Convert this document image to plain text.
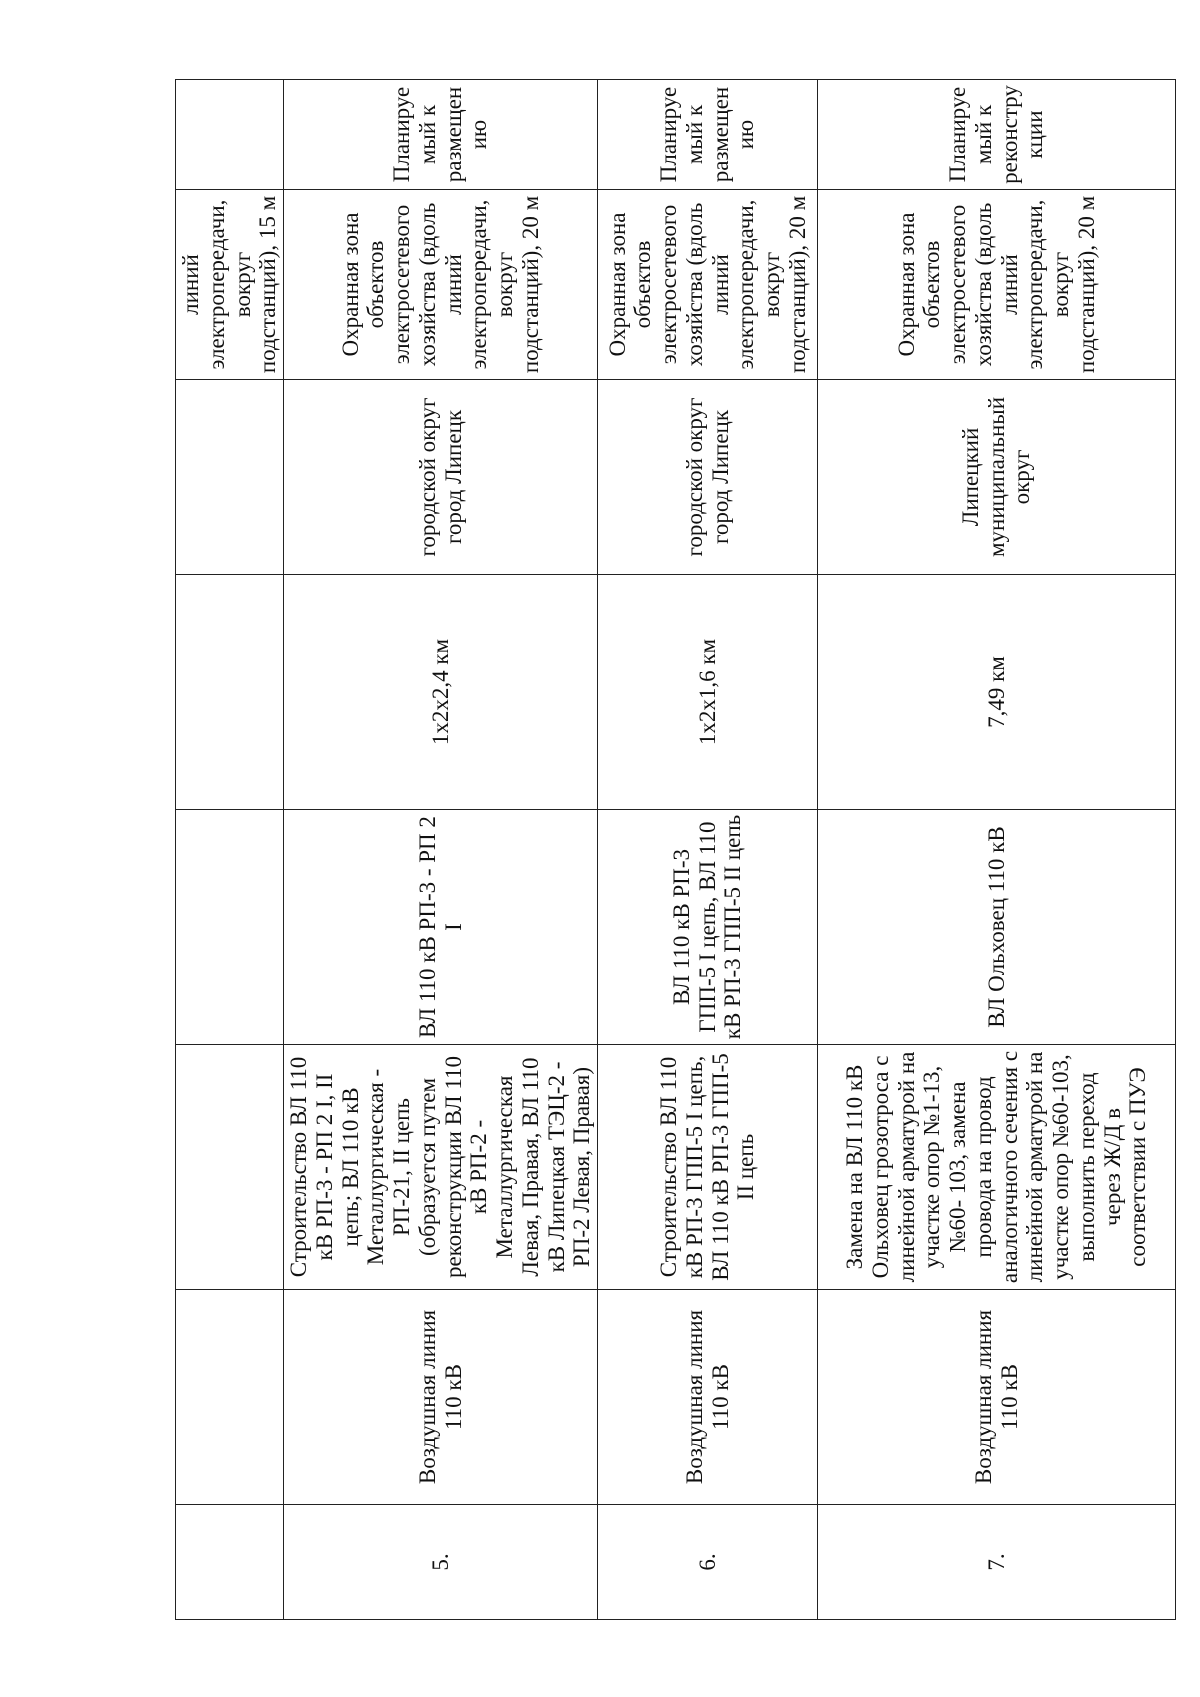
						линий электропередачи, вокруг подстанций), 15 м	

5.	Воздушная линия 110 кВ	Строительство ВЛ 110 кВ РП-3 - РП 2 I, II цепь; ВЛ 110 кВ Металлургическая - РП-21, II цепь (образуется путем реконструкции ВЛ 110 кВ РП-2 - Металлургическая Левая, Правая, ВЛ 110 кВ Липецкая ТЭЦ-2 - РП-2 Левая, Правая)	ВЛ 110 кВ РП-3 - РП 2 I	1х2х2,4 км	городской округ город Липецк	Охранная зона объектов электросетевого хозяйства (вдоль линий электропередачи, вокруг подстанций), 20 м	Планируемый к размещению

6.	Воздушная линия 110 кВ	Строительство ВЛ 110 кВ РП-3 ГПП-5 I цепь, ВЛ 110 кВ РП-3 ГПП-5 II цепь	ВЛ 110 кВ РП-3 ГПП-5 I цепь, ВЛ 110 кВ РП-3 ГПП-5 II цепь	1х2х1,6 км	городской округ город Липецк	Охранная зона объектов электросетевого хозяйства (вдоль линий электропередачи, вокруг подстанций), 20 м	Планируемый к размещению

7.	Воздушная линия 110 кВ	Замена на ВЛ 110 кВ Ольховец грозотроса с линейной арматурой на участке опор №1-13, №60- 103, замена провода на провод аналогичного сечения с линейной арматурой на участке опор №60-103, выполнить переход через Ж/Д в соответствии с ПУЭ	ВЛ Ольховец 110 кВ	7,49 км	Липецкий муниципальный округ	Охранная зона объектов электросетевого хозяйства (вдоль линий электропередачи, вокруг подстанций), 20 м	Планируемый к реконструкции
